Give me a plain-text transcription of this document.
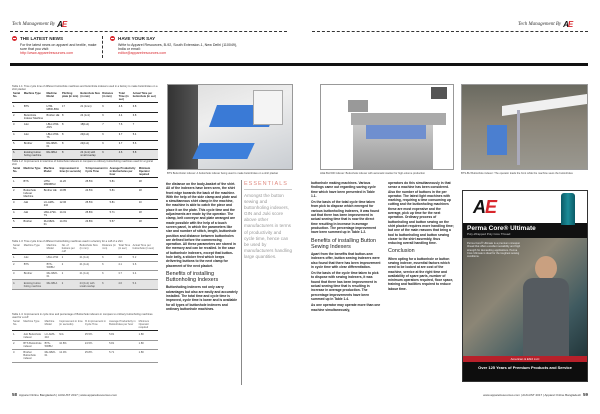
Tech Management By AE	Tech Management By AE
THE LATEST NEWS

For the latest news on apparel and textile, make sure that you visit:

http://www.apparelresources.com

HAVE YOUR SAY

Write to Apparel Resources, B-92, South Extension-1, New Delhi (110049), India or email:

editor@apparelresources.com

Table 1.1: Time cycle time of different buttonhole machines and buttonhole indexers used in a factory to make buttonholes on a shirt placket
Serial No.	Machine Type	Machine Model	Pitching plate (in mm)	Buttonhole Size (in mm)	Distance (in mm)	Total Time (in sec)	Actual Time per buttonhole (in sec)
1.	BTS	HTM-M800-BSU	17	21 (1mm)	6	4.6	6.8
2.	Buttonhole Indexer Machine	Brother HE	8	24 (1x1)	6	4.4	6.8
3.	Juki	LBH-1790-ANS	8	18(1x1)	7	7.6	7
4.	Juki	LBH-1790-7S	8	24(1x1)	6	3.7	5.4
5.	Brother	RH-9820-01	8	24(1x1)	6	3.7	5.6
6.	Existing button holing machine	RH-981A	8	24 (1x1) with small overlap	6	4.6	5.8
Table 1.2: Improvement in total time of buttonhole indexers in compare to ordinary buttonholing machines used for a typical shirt
Serial No.	Machine Type	Machine Model	Improvement in time (in seconds)	% Improvement in Cycle Time	Average Productivity in Buttonholes per hour	Minimum Operator required
1.	BTS	HTM-M800BSU	11.26	25.5%	5.81	18
2.	Buttonhole Indexer Machine	Brother HE	10.85	24.5%	5.81	18
3.	Juki	LU-AMS-210	12.06	25.5%	5.81	10
4.	Juki	LBH-1790-7S	14.01	25.8%	5.71	18
5.	Brother	RH-9820-01	14.0%	23.8%	5.57	18
Table 1.3: Time cycle time of different buttonholing machines used in a factory for a cuff of a shirt
Serial No.	Machine Type	Machine Model	No. of buttons per cuff	Buttonhole Size (in mm)	Distance (in mm)	Total Time (in sec)	Actual Time per buttonhole (in sec)
1.	Juki	LBH-1790	2	21 (1x1)	6	4.6	5.2
2.	BTS	BTS-500BU	2	21 (1x1)	6	4.1	3.6
3.	Brother	RH-9820-01	2	21 (1x1)	6	3.7	3.4
4.	Existing button holing machine	RH-981A	2	24 (1x1) with small overlap	6	4.6	5.4
Table 1.4: Improvement in cycle time and percentage of Buttonhole indexers in compare to ordinary buttonholing machines used for a cuff
Serial No.	Machine Type	Machine Model	Improvement in time (in seconds)	% Improvement in Cycle Time	Average Productivity in Buttonholes per hour	Minimum Operator required
1.	Juki Buttonhole indexer	LU-AMS-210	N/A	25.5%	5.81	1.80
2.	BTS Buttonhole indexer	BTS-500BU	10.8%	24.5%	5.81	1.80
3.	Brother Buttonhole indexer	RH-9820-01	12.0%	25.8%	5.71	1.80
BTS Buttonholer indexer: A buttonhole indexer being used to make buttonholes on a shirt placket	HAE BH-500 Indexer: Buttonhole indexer with automatic stacker for high-volume production	BTS-BU Buttonhole indexer: The operator loads the front while the machine sews the buttonholes

the distance on the body-basket of the shirt. All of the indexers have been seen, the shirt front edge towards the back of the machine. With the help of the side clamp and plate and a simultaneous shirt clamp in the machine, the machine is able to catch the piece and place it on the plate. This cycle time and the adjustments are made by the operator. The clamp, belt conveyor and plate arranged are made possible with the help of a touch screen panel, in which the parameters like size and number of stitch, length, buttonhole position and distance between buttonholes are defined before the commencing operation. All these parameters are stored in the memory and can be recalled. In the case of buttonhole indexers, except that button-hole belly, a sticker feed which keeps delivering buttons to the next clamp for placement of the next placket.

Benefits of installing Buttonholing Indexers

Buttonholing indexers not only carry advantages but also are easily and accurately installed. The total time and cycle time is improved, cycle time is lower and is available for all types of buttonhole indexers and ordinary buttonhole machines.

ESSENTIALS

Amongst the button sewing and buttonholing indexers, GIN and Juki score above other manufacturers in terms of productivity and cycle time, hence can be used by manufacturers handling large quantities.

buttonhole making machines. Various findings came out regarding saving cycle time which have been presented in Table 1.1.

On the basis of the total cycle time taken from pick to dispose which emerged for various buttonholing indexers, it was found out that there has been improvement in actual sewing time that is now the direct time resulting in increase in average production. The percentage improvement have been summed up in Table 1.2.

Benefits of installing Button Sewing Indexers

Apart from the benefits that button-sew indexers offer, button sewing indexers were also found that there has been improvement in cycle time with clear differentiation.

On the basis of the cycle time taken to pick to dispose with sewing indexers, it was found that there has been improvement in actual sewing time that is resulting in increase in average production. The percentage improvements have been summed up in Table 1.4.

As one operator may operate more than one machine simultaneously,

operators do this simultaneously in that sense a machine has been considered. Also the number of buttons in the per operator. The latest light machines with marking, requiring a time consuming up cutting and the buttonholing machines these are most expensive and the average, pick up time for the next operation. Ordinary process of buttonholing and button sewing on the shirt placket requires more handling time; but one of the main reasons that bring a tool to buttonholing and button sewing closer to the shirt assembly, thus reducing overall handling time.

Conclusion

When opting for a buttonhole or button sewing indexer, essential factors which need to be looked at are cost of the machine, service at the right time and availability of spare parts, number of minimum operators required, floor space, training and facilities required to reduce labour time.

AE
Perma Core® Ultimate
Poly-Wrapped Poly Core Thread
Perma Core® Ultimate is a premium corespun thread that offers excellent sewability and high strength for demanding applications. Perma Core Ultimate is ideal for the toughest sewing conditions.
American & Efird LLC
Over 125 Years of Premium Products and Service
58 Apparel Online Bangladesh | AUGUST 2017 | www.apparelresources.com	www.apparelresources.com | AUGUST 2017 | Apparel Online Bangladesh 59
